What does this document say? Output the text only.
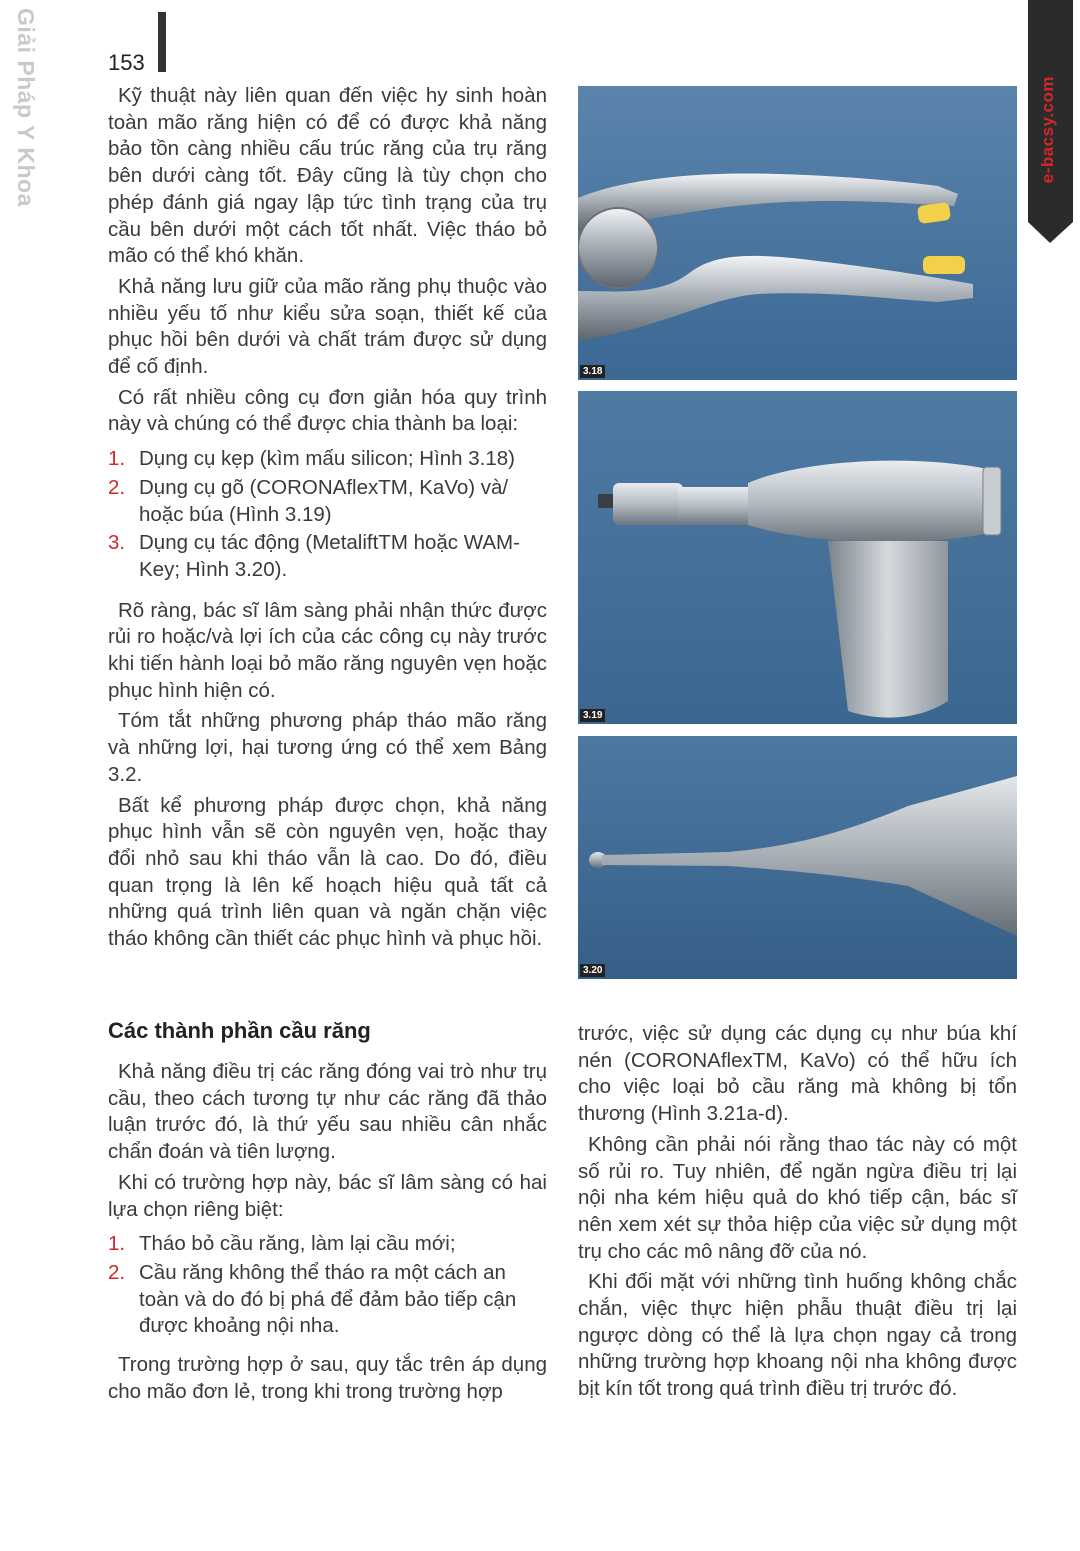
Giải Pháp Y Khoa	153
e-bacsy.com

Kỹ thuật này liên quan đến việc hy sinh hoàn toàn mão răng hiện có để có được khả năng bảo tồn càng nhiều cấu trúc răng của trụ răng bên dưới càng tốt. Đây cũng là tùy chọn cho phép đánh giá ngay lập tức tình trạng của trụ cầu bên dưới một cách tốt nhất. Việc tháo bỏ mão có thể khó khăn.

Khả năng lưu giữ của mão răng phụ thuộc vào nhiều yếu tố như kiểu sửa soạn, thiết kế của phục hồi bên dưới và chất trám được sử dụng để cố định.

Có rất nhiều công cụ đơn giản hóa quy trình này và chúng có thể được chia thành ba loại:

1. Dụng cụ kẹp (kìm mấu silicon; Hình 3.18)
2. Dụng cụ gõ (CORONAflexTM, KaVo) và/ hoặc búa (Hình 3.19)
3. Dụng cụ tác động (MetaliftTM hoặc WAM-Key; Hình 3.20).

Rõ ràng, bác sĩ lâm sàng phải nhận thức được rủi ro hoặc/và lợi ích của các công cụ này trước khi tiến hành loại bỏ mão răng nguyên vẹn hoặc phục hình hiện có.

Tóm tắt những phương pháp tháo mão răng và những lợi, hại tương ứng có thể xem Bảng 3.2.

Bất kể phương pháp được chọn, khả năng phục hình vẫn sẽ còn nguyên vẹn, hoặc thay đổi nhỏ sau khi tháo vẫn là cao. Do đó, điều quan trọng là lên kế hoạch hiệu quả tất cả những quá trình liên quan và ngăn chặn việc tháo không cần thiết các phục hình và phục hồi.

Các thành phần cầu răng

Khả năng điều trị các răng đóng vai trò như trụ cầu, theo cách tương tự như các răng đã thảo luận trước đó, là thứ yếu sau nhiều cân nhắc chẩn đoán và tiên lượng.

Khi có trường hợp này, bác sĩ lâm sàng có hai lựa chọn riêng biệt:

1. Tháo bỏ cầu răng, làm lại cầu mới;
2. Cầu răng không thể tháo ra một cách an toàn và do đó bị phá để đảm bảo tiếp cận được khoảng nội nha.

Trong trường hợp ở sau, quy tắc trên áp dụng cho mão đơn lẻ, trong khi trong trường hợp

trước, việc sử dụng các dụng cụ như búa khí nén (CORONAflexTM, KaVo) có thể hữu ích cho việc loại bỏ cầu răng mà không bị tổn thương (Hình 3.21a-d).

Không cần phải nói rằng thao tác này có một số rủi ro. Tuy nhiên, để ngăn ngừa điều trị lại nội nha kém hiệu quả do khó tiếp cận, bác sĩ nên xem xét sự thỏa hiệp của việc sử dụng một trụ cho các mô nâng đỡ của nó.

Khi đối mặt với những tình huống không chắc chắn, việc thực hiện phẫu thuật điều trị lại ngược dòng có thể là lựa chọn ngay cả trong những trường hợp khoang nội nha không được bịt kín tốt trong quá trình điều trị trước đó.

3.18
3.19
3.20
